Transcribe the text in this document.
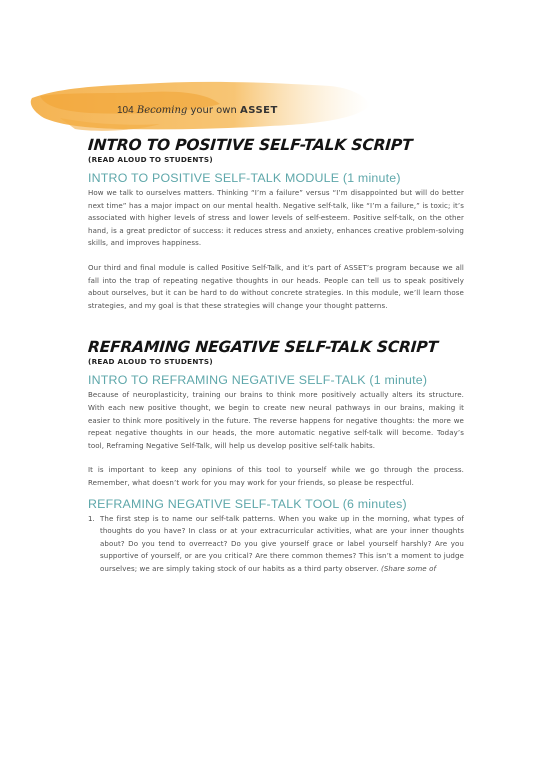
104 Becoming your own ASSET
INTRO TO POSITIVE SELF-TALK SCRIPT
(READ ALOUD TO STUDENTS)
INTRO TO POSITIVE SELF-TALK MODULE (1 minute)

How we talk to ourselves matters. Thinking “I’m a failure” versus “I’m disappointed but will do better next time” has a major impact on our mental health. Negative self-talk, like “I’m a failure,” is toxic; it’s associated with higher levels of stress and lower levels of self-esteem. Positive self-talk, on the other hand, is a great predictor of success: it reduces stress and anxiety, enhances creative problem-solving skills, and improves happiness.

Our third and final module is called Positive Self-Talk, and it’s part of ASSET’s program because we all fall into the trap of repeating negative thoughts in our heads. People can tell us to speak positively about ourselves, but it can be hard to do without concrete strategies. In this module, we’ll learn those strategies, and my goal is that these strategies will change your thought patterns.

REFRAMING NEGATIVE SELF-TALK SCRIPT
(READ ALOUD TO STUDENTS)
INTRO TO REFRAMING NEGATIVE SELF-TALK (1 minute)

Because of neuroplasticity, training our brains to think more positively actually alters its structure. With each new positive thought, we begin to create new neural pathways in our brains, making it easier to think more positively in the future. The reverse happens for negative thoughts: the more we repeat negative thoughts in our heads, the more automatic negative self-talk will become. Today’s tool, Reframing Negative Self-Talk, will help us develop positive self-talk habits.

It is important to keep any opinions of this tool to yourself while we go through the process. Remember, what doesn’t work for you may work for your friends, so please be respectful.

REFRAMING NEGATIVE SELF-TALK TOOL (6 minutes)
1. The first step is to name our self-talk patterns. When you wake up in the morning, what types of thoughts do you have? In class or at your extracurricular activities, what are your inner thoughts about? Do you tend to overreact? Do you give yourself grace or label yourself harshly? Are you supportive of yourself, or are you critical? Are there common themes? This isn’t a moment to judge ourselves; we are simply taking stock of our habits as a third party observer. (Share some of
